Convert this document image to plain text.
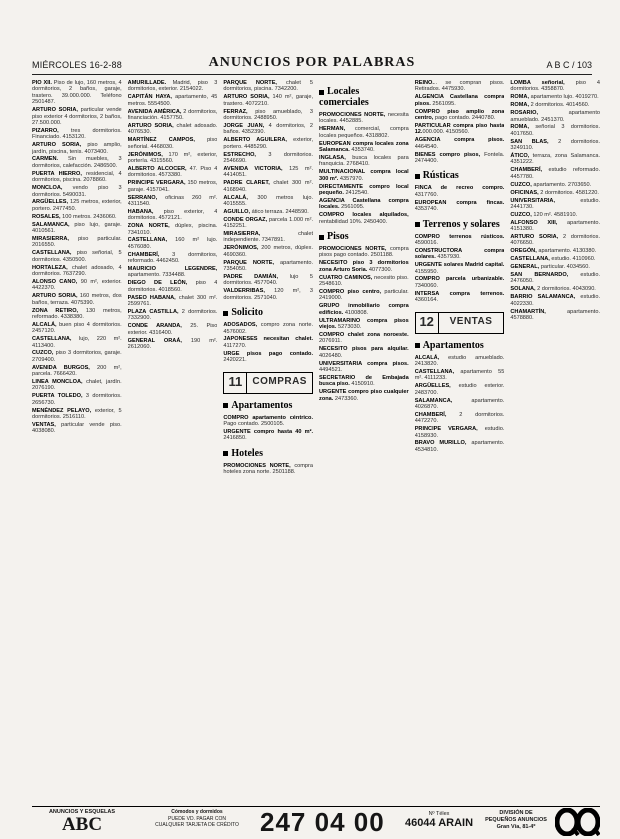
MIÉRCOLES 16-2-88	ANUNCIOS POR PALABRAS	A B C / 103
PIO XII. Piso de lujo, 160 metros, 4 dormitorios, 2 baños, garaje, trastero. 39.000.000. Teléfono 2501487.
ARTURO SORIA, particular vende piso exterior 4 dormitorios, 2 baños, 27.500.000.
PIZARRO, tres dormitorios. Financiado. 4153120.
ARTURO SORIA, piso amplio, jardín, piscina, tenis. 4073400.
CARMEN. Sin muebles, 3 dormitorios, calefacción. 2486500.
PUERTA HIERRO, residencial, 4 dormitorios, piscina. 2078860.
MONCLOA, vendo piso 3 dormitorios. 5490031.
ARGÜELLES, 125 metros, exterior, portero. 2477450.
ROSALES, 100 metros. 2436060.
SALAMANCA, piso lujo, garaje. 4010561.
MIRASIERRA, piso particular. 2016550.
CASTELLANA, piso señorial, 5 dormitorios. 4350500.
HORTALEZA, chalet adosado, 4 dormitorios. 7637290.
ALONSO CANO, 90 m², exterior. 4422370.
ARTURO SORIA, 160 metros, dos baños, terraza. 4075390.
ZONA RETIRO, 130 metros, reformado. 4338380.
ALCALÁ, buen piso 4 dormitorios. 2457120.
CASTELLANA, lujo, 220 m². 4113400.
CUZCO, piso 3 dormitorios, garaje. 2709400.
AVENIDA BURGOS, 200 m², parcela. 7666420.
LINEA MONCLOA, chalet, jardín. 2076190.
PUERTA TOLEDO, 3 dormitorios. 2656730.
MENÉNDEZ PELAYO, exterior, 5 dormitorios. 2516110.
VENTAS, particular vende piso. 4038080.
AMURILLADE. Madrid, piso 3 dormitorios, exterior. 2154022.
CAPITÁN HAYA, apartamento, 45 metros. 5554500.
AVENIDA AMÉRICA, 2 dormitorios, financiación. 4157750.
ARTURO SORIA, chalet adosado. 4076530.
MARTÍNEZ CAMPOS, piso señorial. 4468030.
JERÓNIMOS, 170 m², exterior, portería. 4315560.
ALBERTO ALCOCER, 47. Piso 4 dormitorios. 4573380.
PRINCIPE VERGARA, 150 metros, garaje. 4157041.
SERRANO, oficinas 260 m². 4311540.
HABANA, piso exterior, 4 dormitorios. 4572121.
ZONA NORTE, dúplex, piscina. 7341010.
CASTELLANA, 160 m² lujo. 4576080.
CHAMBERÍ, 3 dormitorios, reformado. 4462450.
MAURICIO LEGENDRE, apartamento. 7334488.
DIEGO DE LEÓN, piso 4 dormitorios. 4018560.
PASEO HABANA, chalet 300 m². 2599761.
PLAZA CASTILLA, 2 dormitorios. 7332900.
CONDE ARANDA, 25. Piso exterior. 4316400.
GENERAL ORAÁ, 190 m². 2612060.
PARQUE NORTE, chalet 5 dormitorios, piscina. 7342200.
ARTURO SORIA, 140 m², garaje, trastero. 4072210.
FERRAZ, piso amueblado, 3 dormitorios. 2488950.
JORGE JUAN, 4 dormitorios, 2 baños. 4352390.
ALBERTO AGUILERA, exterior, portero. 4485290.
ESTRECHO, 3 dormitorios. 2546690.
AVENIDA VICTORIA, 125 m². 4414051.
PADRE CLARET, chalet 300 m². 4168940.
ALCALÁ, 300 metros lujo. 4015555.
AGUILLO, ático terraza. 2448590.
CONDE ORGAZ, parcela 1.000 m². 4152251.
MIRASIERRA, chalet independiente. 7347891.
JERÓNIMOS, 200 metros, dúplex. 4690360.
PARQUE NORTE, apartamento. 7354050.
PADRE DAMIÁN, lujo 5 dormitorios. 4577040.
VALDERRIBAS, 120 m², 3 dormitorios. 2571040.
Solicito
ADOSADOS, compro zona norte. 4576002.
JAPONESES necesitan chalet. 4117270.
URGE pisos pago contado. 2420221.
11	COMPRAS
Apartamentos
COMPRO apartamento céntrico. Pago contado. 2500105.
URGENTE compro hasta 40 m². 2416850.
Hoteles
PROMOCIONES NORTE, compra hoteles zona norte. 2501188.
Locales comerciales
PROMOCIONES NORTE, necesita locales. 4452885.
HERMAN, comercial, compra locales pequeños. 4318802.
EUROPEAN compra locales zona Salamanca. 4353740.
INGLASA, busca locales para franquicia. 2768410.
MULTINACIONAL compra local 300 m². 4357970.
DIRECTAMENTE compro local pequeño. 2412540.
AGENCIA Castellana compra locales. 2561095.
COMPRO locales alquilados, rentabilidad 10%. 2450400.
Pisos
PROMOCIONES NORTE, compra pisos pago contado. 2501188.
NECESITO piso 3 dormitorios zona Arturo Soria. 4077300.
CUATRO CAMINOS, necesito piso. 2548610.
COMPRO piso centro, particular. 2419000.
GRUPO inmobiliario compra edificios. 4100808.
ULTRAMARINO compra pisos viejos. 5273030.
COMPRO chalet zona noroeste. 2076911.
NECESITO pisos para alquilar. 4026480.
UNIVERSITARIA compra pisos. 4494521.
SECRETARIO de Embajada busca piso. 4150910.
URGENTE compro piso cualquier zona. 2473360.
REINO... se compran pisos. Retirados. 4475930.
ALGENCIA Castellana compra pisos. 2561095.
COMPRO piso amplio zona centro, pago contado. 2440780.
PARTICULAR compra piso hasta 12.000.000. 4150560.
AGENCIA compra pisos. 4464540.
BIENES compro pisos, Fontela. 2474400.
Rústicas
FINCA de recreo compro. 4317760.
EUROPEAN compra fincas. 4353740.
Terrenos y solares
COMPRO terrenos rústicos. 4590016.
CONSTRUCTORA compra solares. 4357930.
URGENTE solares Madrid capital. 4155950.
COMPRO parcela urbanizable. 7340060.
INTERSA compra terrenos. 4360164.
12	VENTAS
Apartamentos
ALCALÁ, estudio amueblado. 2413820.
CASTELLANA, apartamento 55 m². 4111233.
ARGÜELLES, estudio exterior. 2483700.
SALAMANCA, apartamento. 4026870.
CHAMBERÍ, 2 dormitorios. 4472270.
PRINCIPE VERGARA, estudio. 4158930.
BRAVO MURILLO, apartamento. 4534810.
LOMBA señorial, piso 4 dormitorios. 4358870.
ROMA, apartamento lujo. 4019270.
ROMA, 2 dormitorios. 4014560.
ROSARIO, apartamento amueblado. 2451370.
ROMA, señorial 3 dormitorios. 4017650.
SAN BLAS, 2 dormitorios. 3249110.
ÁTICO, terraza, zona Salamanca. 4351222.
CHAMBERÍ, estudio reformado. 4457780.
CUZCO, apartamento. 2703650.
OFICINAS, 2 dormitorios. 4581220.
UNIVERSITARIA, estudio. 2441730.
CUZCO, 120 m². 4581910.
ALFONSO XIII, apartamento. 4151380.
ARTURO SORIA, 2 dormitorios. 4076650.
OREGÓN, apartamento. 4130380.
CASTELLANA, estudio. 4110960.
GENERAL, particular. 4034560.
SAN BERNARDO, estudio. 2476050.
SOLANA, 2 dormitorios. 4043090.
BARRIO SALAMANCA, estudio. 4022330.
CHAMARTÍN, apartamento. 4578880.
ANUNCIOS Y ESQUELAS
ABC
Cómodos y dormidos
PUEDE VD. PAGAR CON
CUALQUIER TARJETA DE CRÉDITO 247 04 00	Nº Télex
46044 ARAIN
DIVISIÓN DE
PEQUEÑOS ANUNCIOS
Gran Vía, 81-4º
